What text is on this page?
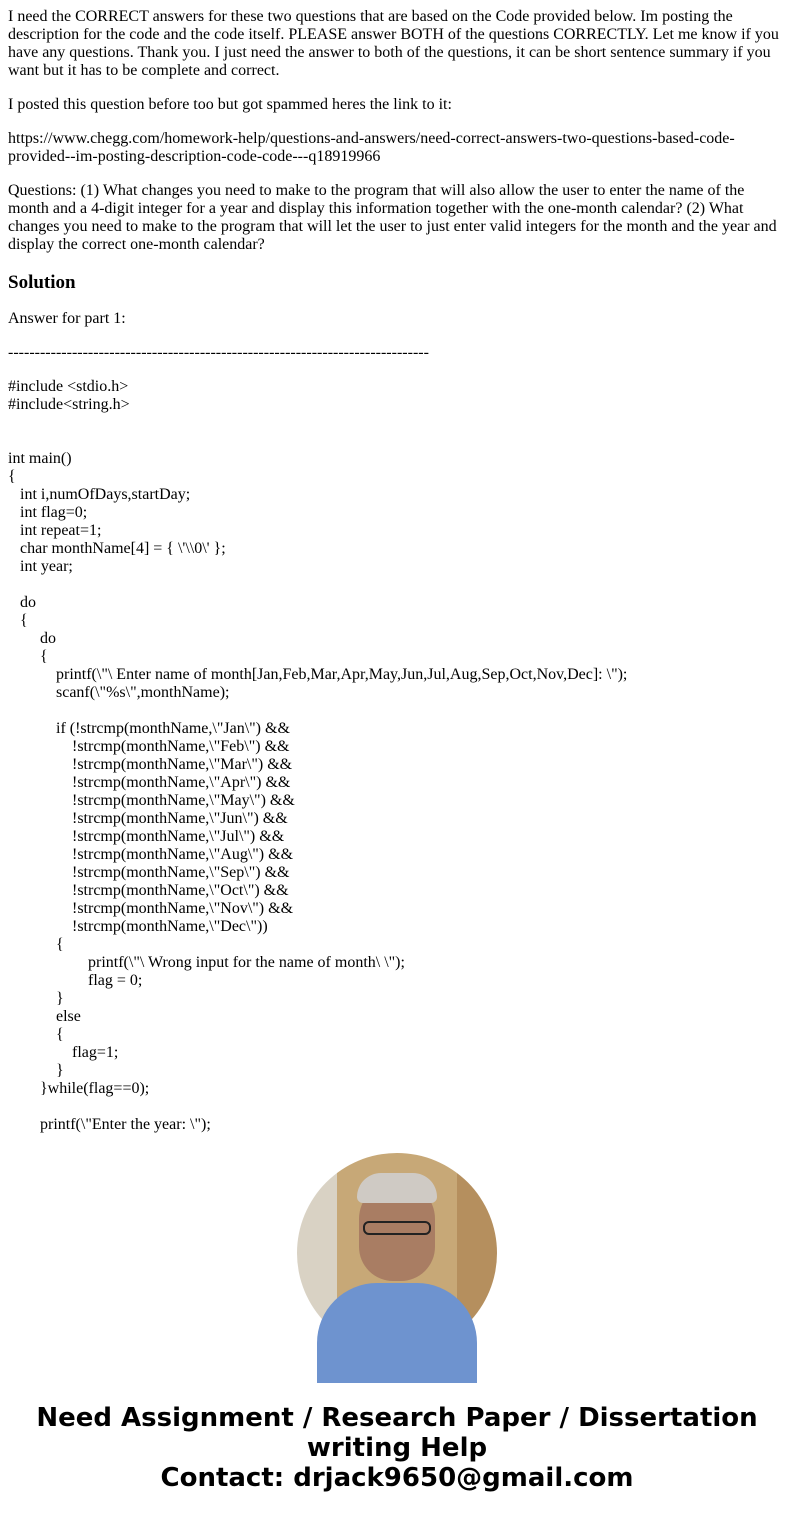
I need the CORRECT answers for these two questions that are based on the Code provided below. Im posting the description for the code and the code itself. PLEASE answer BOTH of the questions CORRECTLY. Let me know if you have any questions. Thank you. I just need the answer to both of the questions, it can be short sentence summary if you want but it has to be complete and correct.

I posted this question before too but got spammed heres the link to it:

https://www.chegg.com/homework-help/questions-and-answers/need-correct-answers-two-questions-based-code-provided--im-posting-description-code-code---q18919966

Questions: (1) What changes you need to make to the program that will also allow the user to enter the name of the month and a 4-digit integer for a year and display this information together with the one-month calendar? (2) What changes you need to make to the program that will let the user to just enter valid integers for the month and the year and display the correct one-month calendar?

Solution

Answer for part 1:

-------------------------------------------------------------------------------

#include <stdio.h>
#include<string.h>
int main()
{
int i,numOfDays,startDay;
int flag=0;
int repeat=1;
char monthName[4] = { \'\\0\' };
int year;
do
{
do
{
printf(\"\ Enter name of month[Jan,Feb,Mar,Apr,May,Jun,Jul,Aug,Sep,Oct,Nov,Dec]: \");
scanf(\"%s\",monthName);
if (!strcmp(monthName,\"Jan\") &&
!strcmp(monthName,\"Feb\") &&
!strcmp(monthName,\"Mar\") &&
!strcmp(monthName,\"Apr\") &&
!strcmp(monthName,\"May\") &&
!strcmp(monthName,\"Jun\") &&
!strcmp(monthName,\"Jul\") &&
!strcmp(monthName,\"Aug\") &&
!strcmp(monthName,\"Sep\") &&
!strcmp(monthName,\"Oct\") &&
!strcmp(monthName,\"Nov\") &&
!strcmp(monthName,\"Dec\"))
{
printf(\"\ Wrong input for the name of month\ \");
flag = 0;
}
else
{
flag=1;
}
}while(flag==0);
printf(\"Enter the year: \");
Need Assignment / Research Paper / Dissertation
writing Help
Contact: drjack9650@gmail.com
